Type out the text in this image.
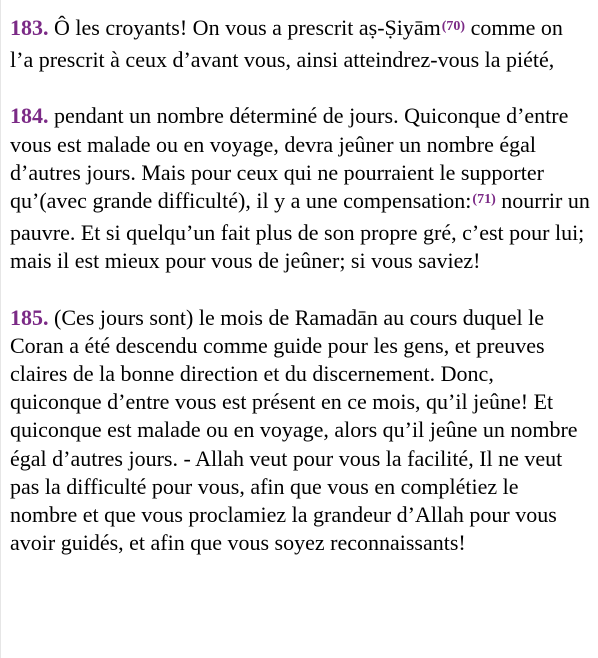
183. Ô les croyants! On vous a prescrit aṣ-Ṣiyām$^{(70)}$ comme on l’a prescrit à ceux d’avant vous, ainsi atteindrez-vous la piété,

184. pendant un nombre déterminé de jours. Quiconque d’entre vous est malade ou en voyage, devra jeûner un nombre égal d’autres jours. Mais pour ceux qui ne pourraient le supporter qu’(avec grande difficulté), il y a une compensation:$^{(71)}$ nourrir un pauvre. Et si quelqu’un fait plus de son propre gré, c’est pour lui; mais il est mieux pour vous de jeûner; si vous saviez!

185. (Ces jours sont) le mois de Ramadān au cours duquel le Coran a été descendu comme guide pour les gens, et preuves claires de la bonne direction et du discernement. Donc, quiconque d’entre vous est présent en ce mois, qu’il jeûne! Et quiconque est malade ou en voyage, alors qu’il jeûne un nombre égal d’autres jours. - Allah veut pour vous la facilité, Il ne veut pas la difficulté pour vous, afin que vous en complétiez le nombre et que vous proclamiez la grandeur d’Allah pour vous avoir guidés, et afin que vous soyez reconnaissants!
